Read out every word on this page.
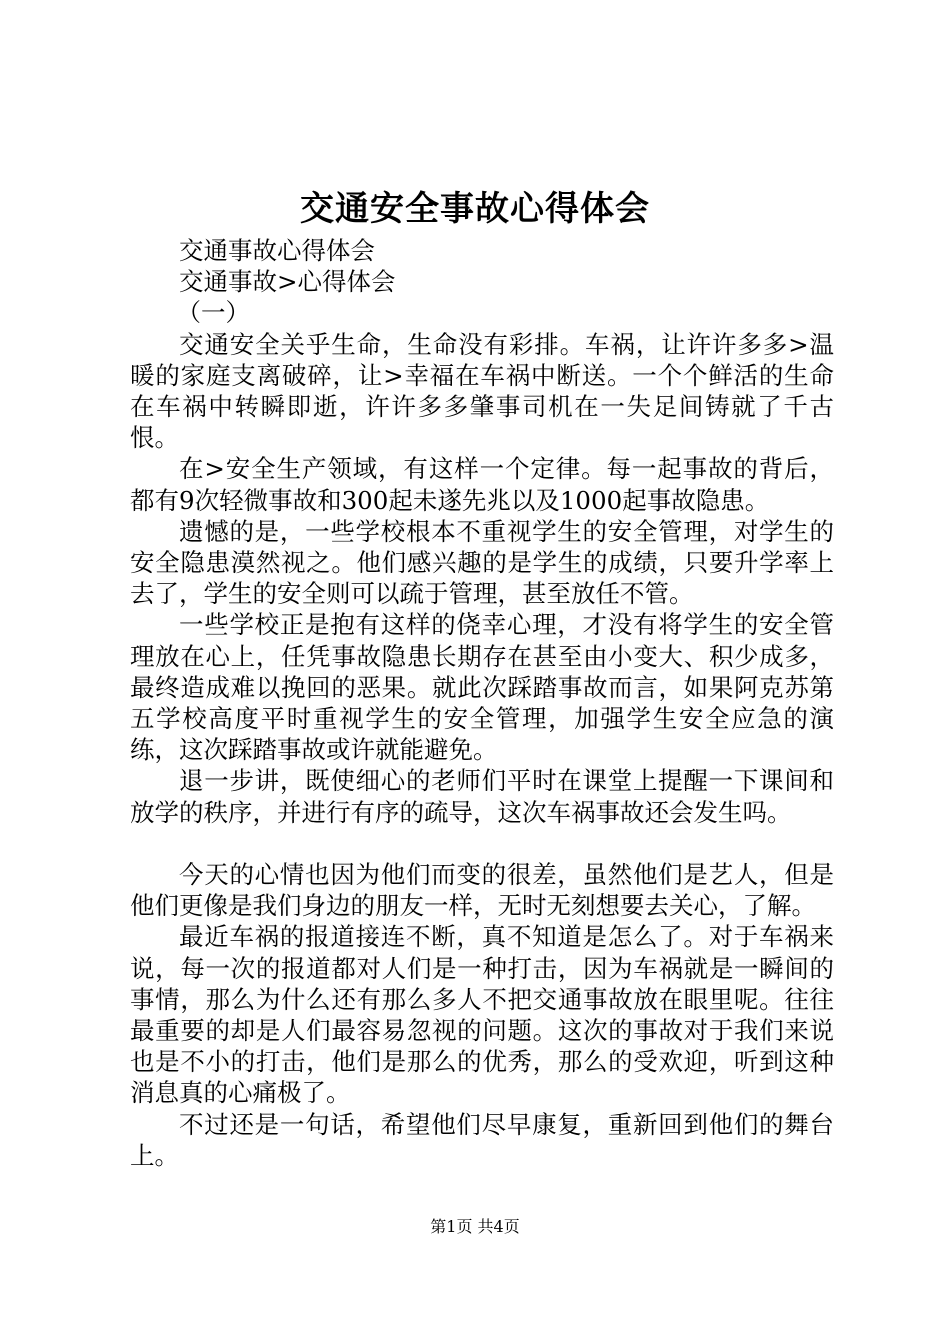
交通安全事故心得体会

交通事故心得体会

交通事故>心得体会

（一）

交通安全关乎生命，生命没有彩排。车祸，让许许多多>温暖的家庭支离破碎，让>幸福在车祸中断送。一个个鲜活的生命在车祸中转瞬即逝，许许多多肇事司机在一失足间铸就了千古恨。

在>安全生产领域，有这样一个定律。每一起事故的背后，都有9次轻微事故和300起未遂先兆以及1000起事故隐患。

遗憾的是，一些学校根本不重视学生的安全管理，对学生的安全隐患漠然视之。他们感兴趣的是学生的成绩，只要升学率上去了，学生的安全则可以疏于管理，甚至放任不管。

一些学校正是抱有这样的侥幸心理，才没有将学生的安全管理放在心上，任凭事故隐患长期存在甚至由小变大、积少成多，最终造成难以挽回的恶果。就此次踩踏事故而言，如果阿克苏第五学校高度平时重视学生的安全管理，加强学生安全应急的演练，这次踩踏事故或许就能避免。

退一步讲，既使细心的老师们平时在课堂上提醒一下课间和放学的秩序，并进行有序的疏导，这次车祸事故还会发生吗。

今天的心情也因为他们而变的很差，虽然他们是艺人，但是他们更像是我们身边的朋友一样，无时无刻想要去关心，了解。

最近车祸的报道接连不断，真不知道是怎么了。对于车祸来说，每一次的报道都对人们是一种打击，因为车祸就是一瞬间的事情，那么为什么还有那么多人不把交通事故放在眼里呢。往往最重要的却是人们最容易忽视的问题。这次的事故对于我们来说也是不小的打击，他们是那么的优秀，那么的受欢迎，听到这种消息真的心痛极了。

不过还是一句话，希望他们尽早康复，重新回到他们的舞台上。

第1页 共4页
